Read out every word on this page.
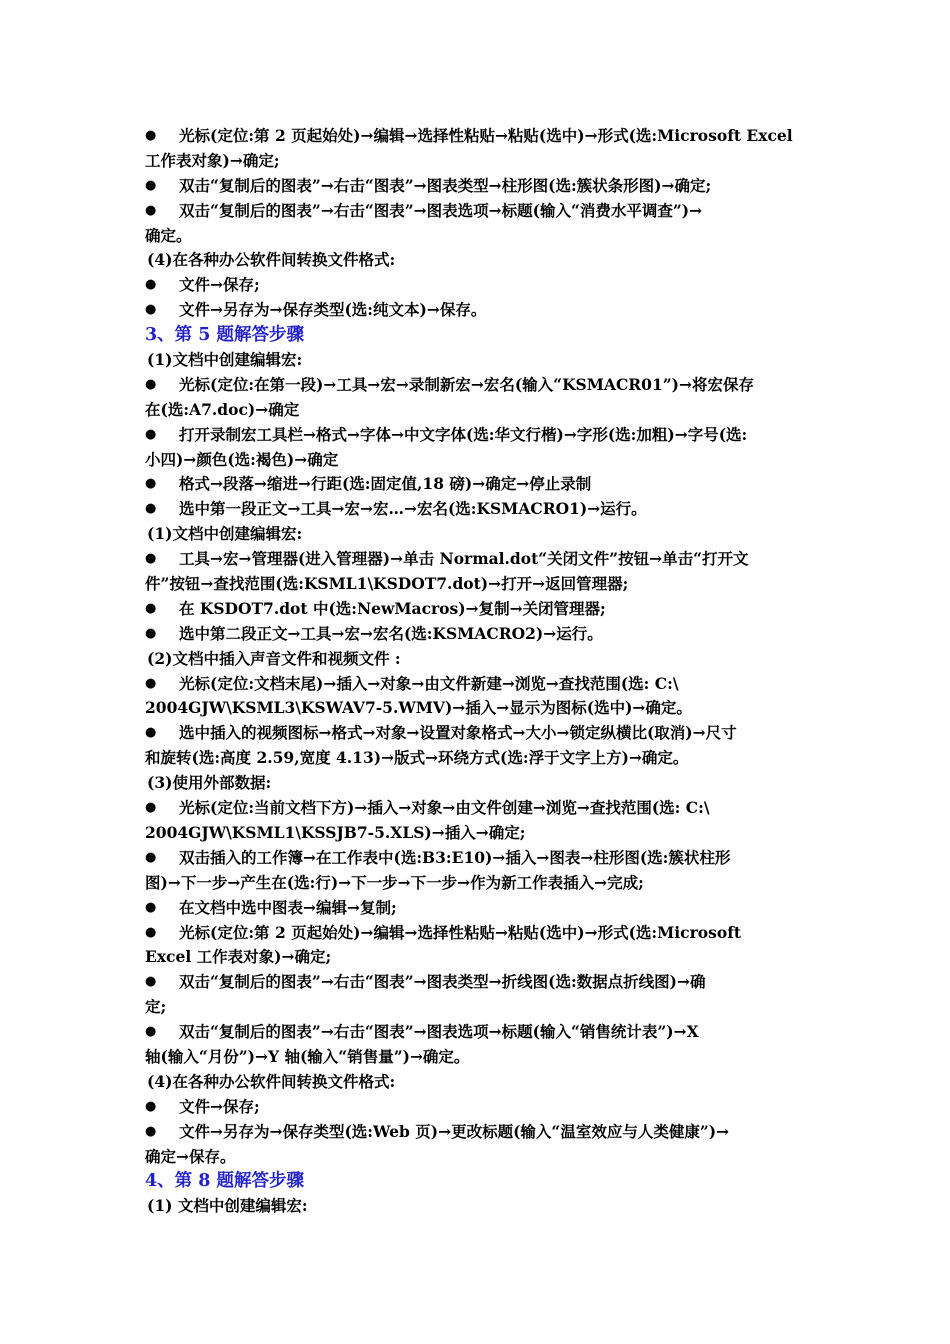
● 光标(定位:第 2 页起始处)→编辑→选择性粘贴→粘贴(选中)→形式(选:Microsoft Excel
工作表对象)→确定;
● 双击“复制后的图表”→右击“图表”→图表类型→柱形图(选:簇状条形图)→确定;
● 双击“复制后的图表”→右击“图表”→图表选项→标题(输入“消费水平调查”)→
确定。
(4)在各种办公软件间转换文件格式:
● 文件→保存;
● 文件→另存为→保存类型(选:纯文本)→保存。
3、第 5 题解答步骤
(1)文档中创建编辑宏:
● 光标(定位:在第一段)→工具→宏→录制新宏→宏名(输入“KSMACR01”)→将宏保存
在(选:A7.doc)→确定
● 打开录制宏工具栏→格式→字体→中文字体(选:华文行楷)→字形(选:加粗)→字号(选:
小四)→颜色(选:褐色)→确定
● 格式→段落→缩进→行距(选:固定值,18 磅)→确定→停止录制
● 选中第一段正文→工具→宏→宏…→宏名(选:KSMACRO1)→运行。
(1)文档中创建编辑宏:
● 工具→宏→管理器(进入管理器)→单击 Normal.dot“关闭文件”按钮→单击“打开文
件”按钮→查找范围(选:KSML1\KSDOT7.dot)→打开→返回管理器;
● 在 KSDOT7.dot 中(选:NewMacros)→复制→关闭管理器;
● 选中第二段正文→工具→宏→宏名(选:KSMACRO2)→运行。
(2)文档中插入声音文件和视频文件 :
● 光标(定位:文档末尾)→插入→对象→由文件新建→浏览→查找范围(选: C:\
2004GJW\KSML3\KSWAV7-5.WMV)→插入→显示为图标(选中)→确定。
● 选中插入的视频图标→格式→对象→设置对象格式→大小→锁定纵横比(取消)→尺寸
和旋转(选:高度 2.59,宽度 4.13)→版式→环绕方式(选:浮于文字上方)→确定。
(3)使用外部数据:
● 光标(定位:当前文档下方)→插入→对象→由文件创建→浏览→查找范围(选: C:\
2004GJW\KSML1\KSSJB7-5.XLS)→插入→确定;
● 双击插入的工作簿→在工作表中(选:B3:E10)→插入→图表→柱形图(选:簇状柱形
图)→下一步→产生在(选:行)→下一步→下一步→作为新工作表插入→完成;
● 在文档中选中图表→编辑→复制;
● 光标(定位:第 2 页起始处)→编辑→选择性粘贴→粘贴(选中)→形式(选:Microsoft
Excel 工作表对象)→确定;
● 双击“复制后的图表”→右击“图表”→图表类型→折线图(选:数据点折线图)→确
定;
● 双击“复制后的图表”→右击“图表”→图表选项→标题(输入“销售统计表”)→X
轴(输入“月份”)→Y 轴(输入“销售量”)→确定。
(4)在各种办公软件间转换文件格式:
● 文件→保存;
● 文件→另存为→保存类型(选:Web 页)→更改标题(输入“温室效应与人类健康”)→
确定→保存。
4、第 8 题解答步骤
(1) 文档中创建编辑宏:
